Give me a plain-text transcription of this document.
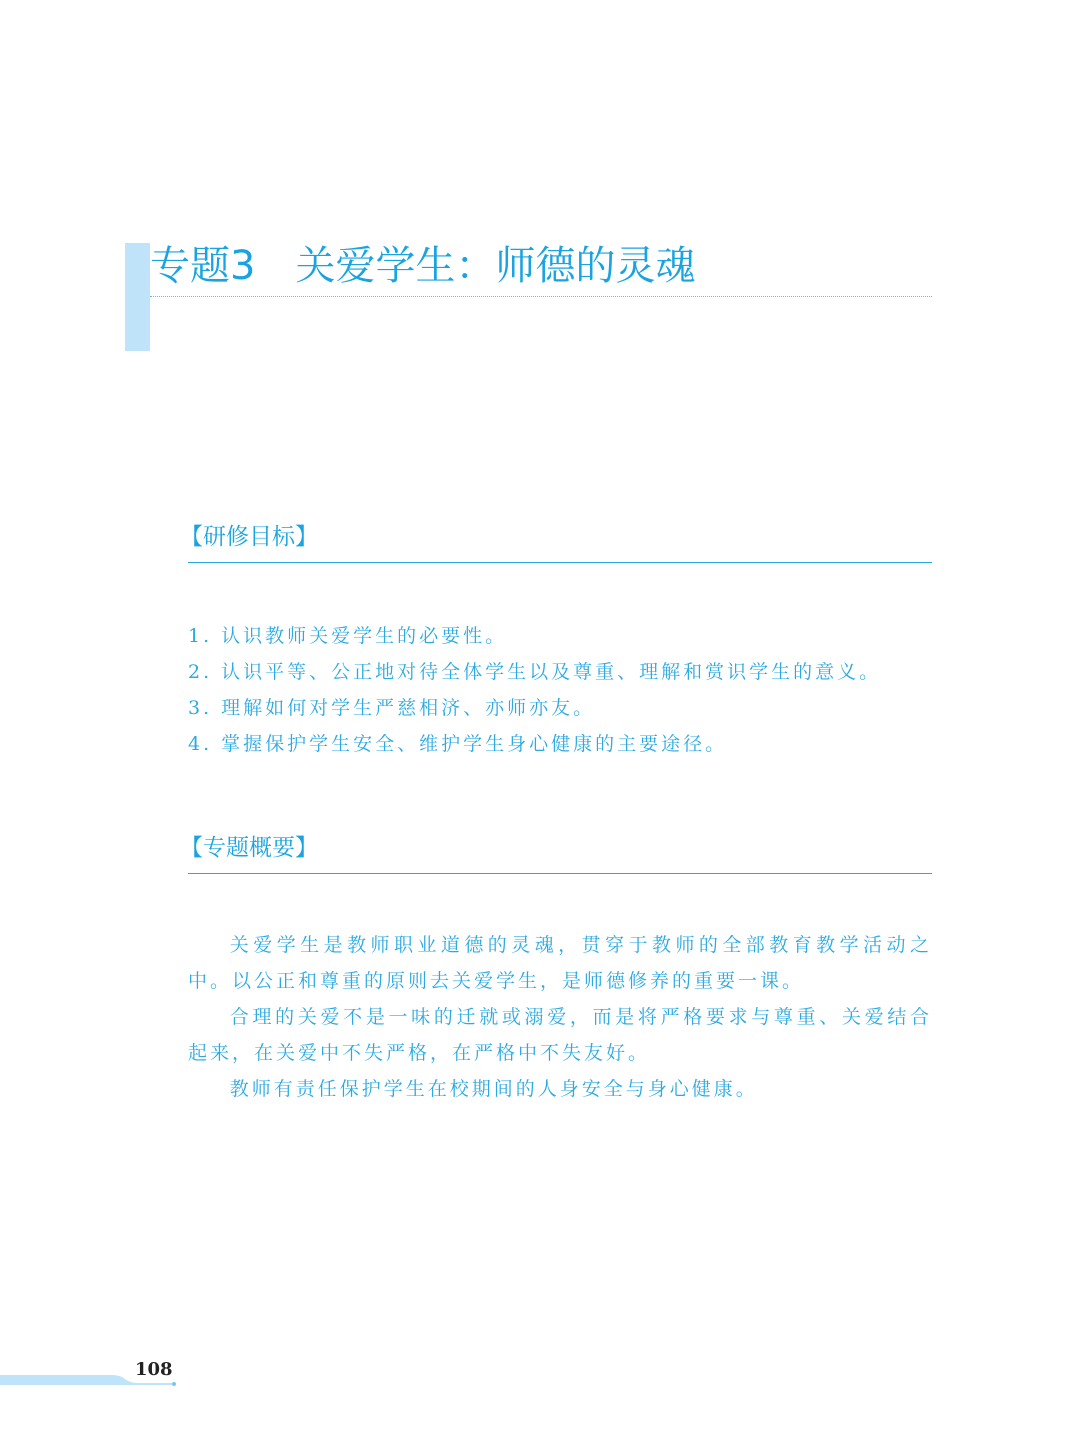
专题3 关爱学生：师德的灵魂
【研修目标】
1. 认识教师关爱学生的必要性。
2. 认识平等、公正地对待全体学生以及尊重、理解和赏识学生的意义。
3. 理解如何对学生严慈相济、亦师亦友。
4. 掌握保护学生安全、维护学生身心健康的主要途径。
【专题概要】

关爱学生是教师职业道德的灵魂，贯穿于教师的全部教育教学活动之中。以公正和尊重的原则去关爱学生，是师德修养的重要一课。

合理的关爱不是一味的迁就或溺爱，而是将严格要求与尊重、关爱结合起来，在关爱中不失严格，在严格中不失友好。

教师有责任保护学生在校期间的人身安全与身心健康。

108
